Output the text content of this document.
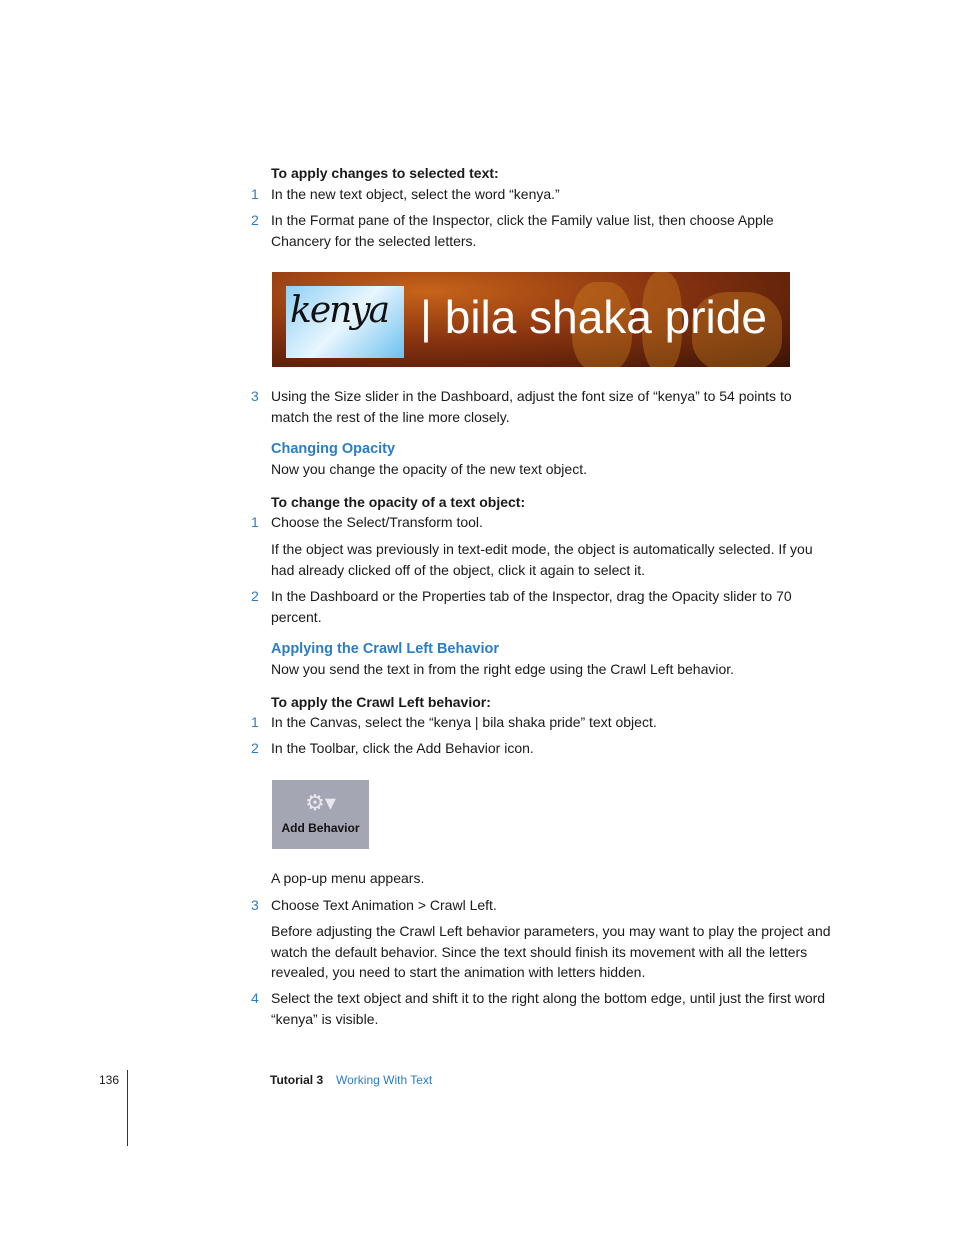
To apply changes to selected text:
1 In the new text object, select the word “kenya.”
2 In the Format pane of the Inspector, click the Family value list, then choose Apple Chancery for the selected letters.
kenya | bila shaka pride
3 Using the Size slider in the Dashboard, adjust the font size of “kenya” to 54 points to match the rest of the line more closely.
Changing Opacity
Now you change the opacity of the new text object.
To change the opacity of a text object:
1 Choose the Select/Transform tool.
If the object was previously in text-edit mode, the object is automatically selected. If you had already clicked off of the object, click it again to select it.
2 In the Dashboard or the Properties tab of the Inspector, drag the Opacity slider to 70 percent.
Applying the Crawl Left Behavior
Now you send the text in from the right edge using the Crawl Left behavior.
To apply the Crawl Left behavior:
1 In the Canvas, select the “kenya | bila shaka pride” text object.
2 In the Toolbar, click the Add Behavior icon.
⚙▾
Add Behavior
A pop-up menu appears.
3 Choose Text Animation > Crawl Left.
Before adjusting the Crawl Left behavior parameters, you may want to play the project and watch the default behavior. Since the text should finish its movement with all the letters revealed, you need to start the animation with letters hidden.
4 Select the text object and shift it to the right along the bottom edge, until just the first word “kenya” is visible.
136	Tutorial 3 Working With Text
